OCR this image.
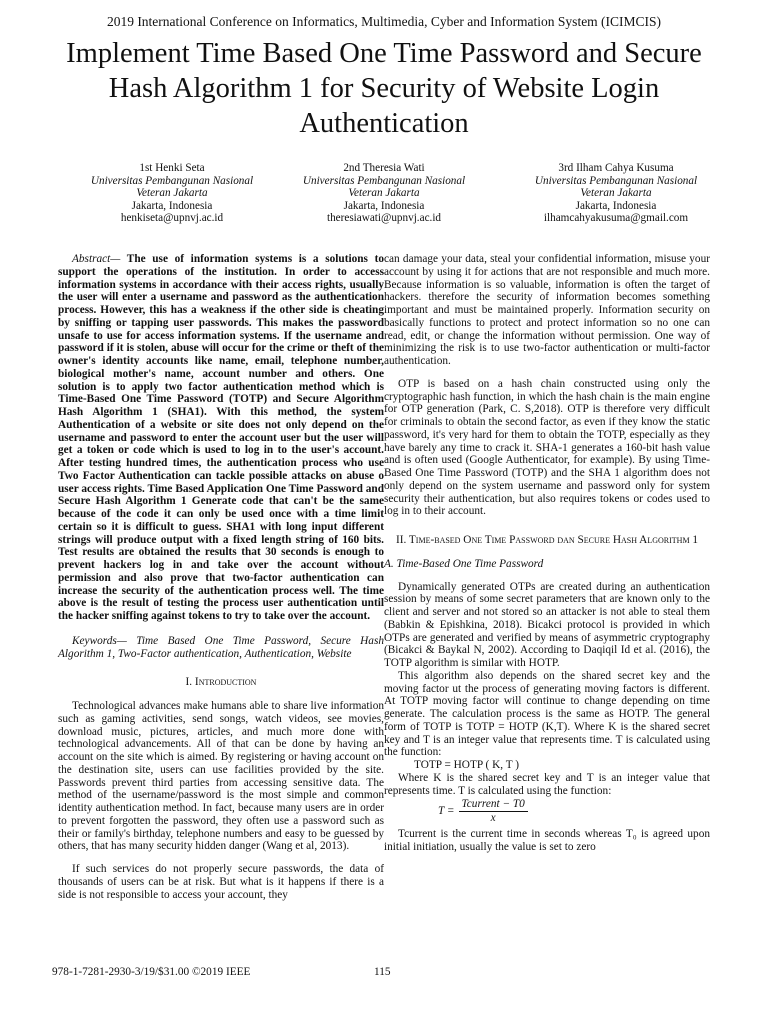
2019 International Conference on Informatics, Multimedia, Cyber and Information System (ICIMCIS)
Implement Time Based One Time Password and Secure Hash Algorithm 1 for Security of Website Login Authentication
1st Henki Seta
Universitas Pembangunan Nasional
Veteran Jakarta
Jakarta, Indonesia
henkiseta@upnvj.ac.id
2nd Theresia Wati
Universitas Pembangunan Nasional
Veteran Jakarta
Jakarta, Indonesia
theresiawati@upnvj.ac.id
3rd Ilham Cahya Kusuma
Universitas Pembangunan Nasional
Veteran Jakarta
Jakarta, Indonesia
ilhamcahyakusuma@gmail.com

Abstract— The use of information systems is a solutions to support the operations of the institution. In order to access information systems in accordance with their access rights, usually the user will enter a username and password as the authentication process. However, this has a weakness if the other side is cheating by sniffing or tapping user passwords. This makes the password unsafe to use for access information systems. If the username and password if it is stolen, abuse will occur for the crime or theft of the owner's identity accounts like name, email, telephone number, biological mother's name, account number and others. One solution is to apply two factor authentication method which is Time-Based One Time Password (TOTP) and Secure Algorithm Hash Algorithm 1 (SHA1). With this method, the system Authentication of a website or site does not only depend on the username and password to enter the account user but the user will get a token or code which is used to log in to the user's account. After testing hundred times, the authentication process who use Two Factor Authentication can tackle possible attacks on abuse o user access rights. Time Based Application One Time Password and Secure Hash Algorithm 1 Generate code that can't be the same because of the code it can only be used once with a time limit certain so it is difficult to guess. SHA1 with long input different strings will produce output with a fixed length string of 160 bits. Test results are obtained the results that 30 seconds is enough to prevent hackers log in and take over the account without permission and also prove that two-factor authentication can increase the security of the authentication process well. The time above is the result of testing the process user authentication until the hacker sniffing against tokens to try to take over the account.

Keywords— Time Based One Time Password, Secure Hash Algorithm 1, Two-Factor authentication, Authentication, Website

I. Introduction

Technological advances make humans able to share live information such as gaming activities, send songs, watch videos, see movies, download music, pictures, articles, and much more done with technological advancements. All of that can be done by having an account on the site which is aimed. By registering or having account on the destination site, users can use facilities provided by the site. Passwords prevent third parties from accessing sensitive data. The method of the username/password is the most simple and common identity authentication method. In fact, because many users are in order to prevent forgotten the password, they often use a password such as their or family's birthday, telephone numbers and easy to be guessed by others, that has many security hidden danger (Wang et al, 2013).

If such services do not properly secure passwords, the data of thousands of users can be at risk. But what is it happens if there is a side is not responsible to access your account, they

can damage your data, steal your confidential information, misuse your account by using it for actions that are not responsible and much more. Because information is so valuable, information is often the target of hackers. therefore the security of information becomes something important and must be maintained properly. Information security on basically functions to protect and protect information so no one can read, edit, or change the information without permission. One way of minimizing the risk is to use two-factor authentication or multi-factor authentication.

OTP is based on a hash chain constructed using only the cryptographic hash function, in which the hash chain is the main engine for OTP generation (Park, C. S,2018). OTP is therefore very difficult for criminals to obtain the second factor, as even if they know the static password, it's very hard for them to obtain the TOTP, especially as they have barely any time to crack it. SHA-1 generates a 160-bit hash value and is often used (Google Authenticator, for example). By using Time-Based One Time Password (TOTP) and the SHA 1 algorithm does not only depend on the system username and password only for system security their authentication, but also requires tokens or codes used to log in to their account.

II. Time-based One Time Password dan Secure Hash Algorithm 1
A. Time-Based One Time Password

Dynamically generated OTPs are created during an authentication session by means of some secret parameters that are known only to the client and server and not stored so an attacker is not able to steal them (Babkin & Epishkina, 2018). Bicakci protocol is provided in which OTPs are generated and verified by means of asymmetric cryptography (Bicakci & Baykal N, 2002). According to Daqiqil Id et al. (2016), the TOTP algorithm is similar with HOTP.

This algorithm also depends on the shared secret key and the moving factor ut the process of generating moving factors is different. At TOTP moving factor will continue to change depending on time generate. The calculation process is the same as HOTP. The general form of TOTP is TOTP = HOTP (K,T). Where K is the shared secret key and T is an integer value that represents time. T is calculated using the function:

TOTP = HOTP ( K, T )

Where K is the shared secret key and T is an integer value that represents time. T is calculated using the function:

$T = \frac{\text{Tcurrent − T0}}{x}$

Tcurrent is the current time in seconds whereas T₀ is agreed upon initial initiation, usually the value is set to zero

978-1-7281-2930-3/19/$31.00 ©2019 IEEE	115
